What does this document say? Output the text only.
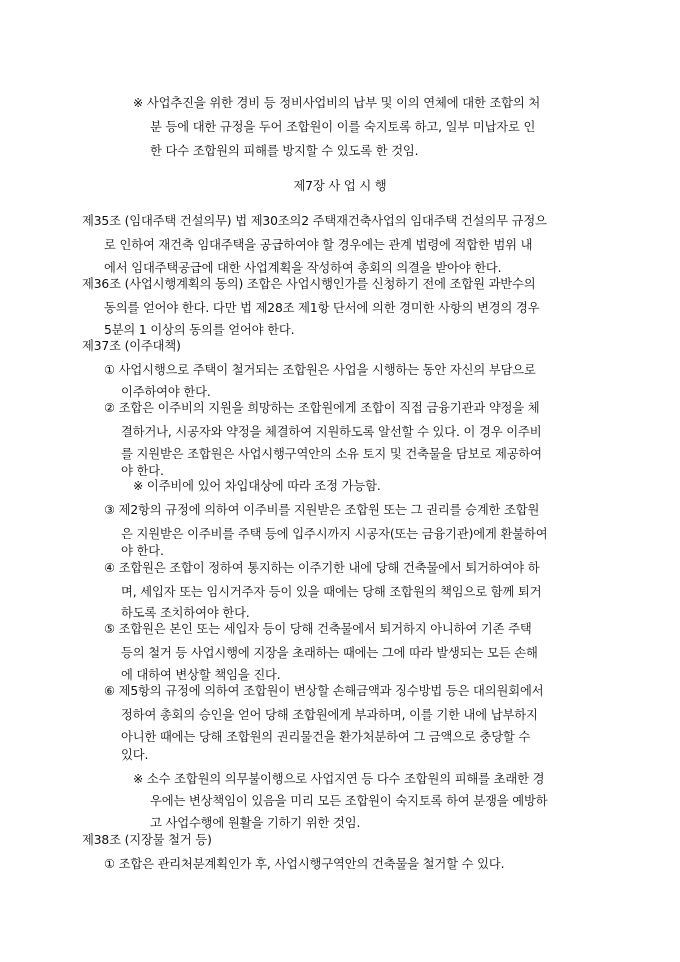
※ 사업추진을 위한 경비 등 정비사업비의 납부 및 이의 연체에 대한 조합의 처
분 등에 대한 규정을 두어 조합원이 이를 숙지토록 하고, 일부 미납자로 인
한 다수 조합원의 피해를 방지할 수 있도록 한 것임.
제7장 사 업 시 행
제35조 (임대주택 건설의무) 법 제30조의2 주택재건축사업의 임대주택 건설의무 규정으
로 인하여 재건축 임대주택을 공급하여야 할 경우에는 관계 법령에 적합한 범위 내
에서 임대주택공급에 대한 사업계획을 작성하여 총회의 의결을 받아야 한다.
제36조 (사업시행계획의 동의) 조합은 사업시행인가를 신청하기 전에 조합원 과반수의
동의를 얻어야 한다. 다만 법 제28조 제1항 단서에 의한 경미한 사항의 변경의 경우
5분의 1 이상의 동의를 얻어야 한다.
제37조 (이주대책)
① 사업시행으로 주택이 철거되는 조합원은 사업을 시행하는 동안 자신의 부담으로
이주하여야 한다.
② 조합은 이주비의 지원을 희망하는 조합원에게 조합이 직접 금융기관과 약정을 체
결하거나, 시공자와 약정을 체결하여 지원하도록 알선할 수 있다. 이 경우 이주비
를 지원받은 조합원은 사업시행구역안의 소유 토지 및 건축물을 담보로 제공하여
야 한다.
※ 이주비에 있어 차입대상에 따라 조정 가능함.
③ 제2항의 규정에 의하여 이주비를 지원받은 조합원 또는 그 권리를 승계한 조합원
은 지원받은 이주비를 주택 등에 입주시까지 시공자(또는 금융기관)에게 환불하여
야 한다.
④ 조합원은 조합이 정하여 통지하는 이주기한 내에 당해 건축물에서 퇴거하여야 하
며, 세입자 또는 임시거주자 등이 있을 때에는 당해 조합원의 책임으로 함께 퇴거
하도록 조치하여야 한다.
⑤ 조합원은 본인 또는 세입자 등이 당해 건축물에서 퇴거하지 아니하여 기존 주택
등의 철거 등 사업시행에 지장을 초래하는 때에는 그에 따라 발생되는 모든 손해
에 대하여 변상할 책임을 진다.
⑥ 제5항의 규정에 의하여 조합원이 변상할 손해금액과 징수방법 등은 대의원회에서
정하여 총회의 승인을 얻어 당해 조합원에게 부과하며, 이를 기한 내에 납부하지
아니한 때에는 당해 조합원의 권리물건을 환가처분하여 그 금액으로 충당할 수
있다.
※ 소수 조합원의 의무불이행으로 사업지연 등 다수 조합원의 피해를 초래한 경
우에는 변상책임이 있음을 미리 모든 조합원이 숙지토록 하여 분쟁을 예방하
고 사업수행에 원활을 기하기 위한 것임.
제38조 (지장물 철거 등)
① 조합은 관리처분계획인가 후, 사업시행구역안의 건축물을 철거할 수 있다.
